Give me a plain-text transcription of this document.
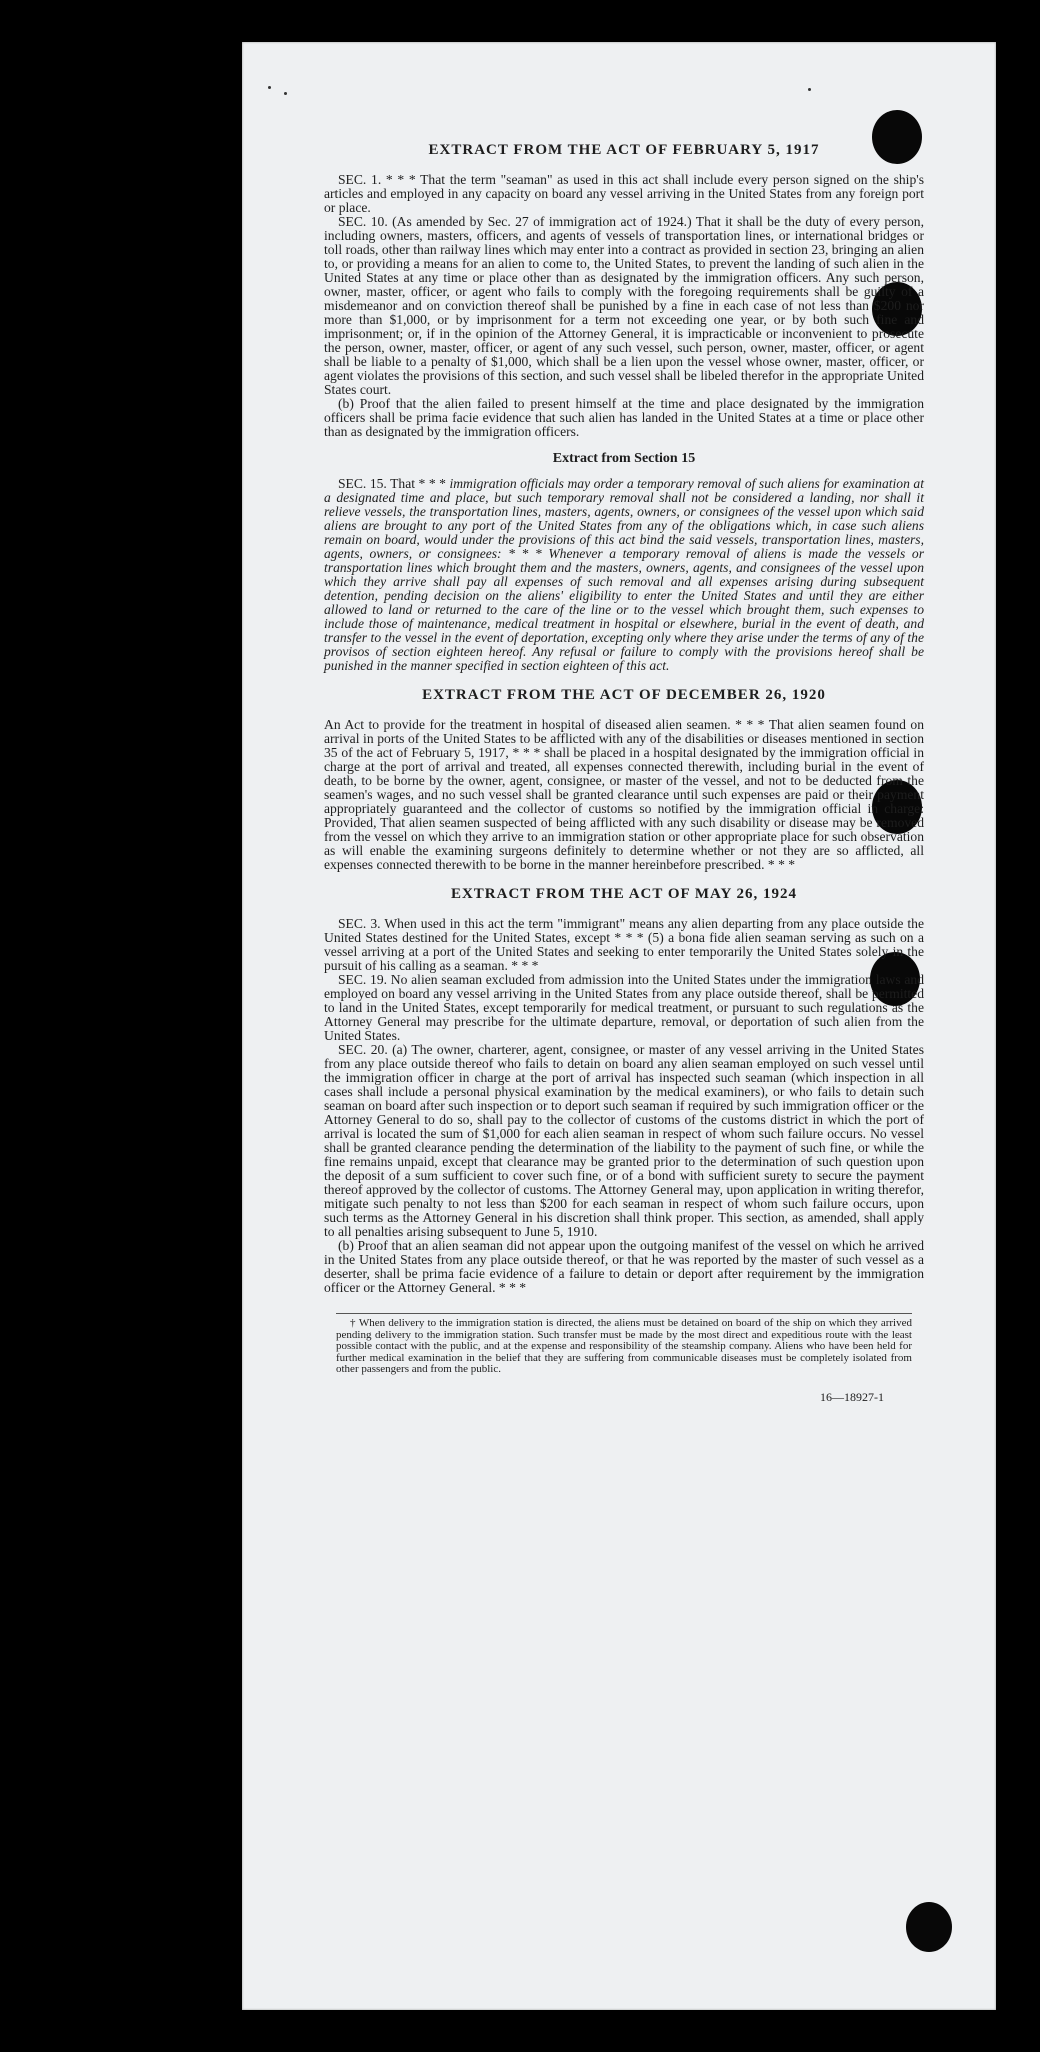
EXTRACT FROM THE ACT OF FEBRUARY 5, 1917

SEC. 1. * * * That the term "seaman" as used in this act shall include every person signed on the ship's articles and employed in any capacity on board any vessel arriving in the United States from any foreign port or place.

SEC. 10. (As amended by Sec. 27 of immigration act of 1924.) That it shall be the duty of every person, including owners, masters, officers, and agents of vessels of transportation lines, or international bridges or toll roads, other than railway lines which may enter into a contract as provided in section 23, bringing an alien to, or providing a means for an alien to come to, the United States, to prevent the landing of such alien in the United States at any time or place other than as designated by the immigration officers. Any such person, owner, master, officer, or agent who fails to comply with the foregoing requirements shall be guilty of a misdemeanor and on conviction thereof shall be punished by a fine in each case of not less than $200 nor more than $1,000, or by imprisonment for a term not exceeding one year, or by both such fine and imprisonment; or, if in the opinion of the Attorney General, it is impracticable or inconvenient to prosecute the person, owner, master, officer, or agent of any such vessel, such person, owner, master, officer, or agent shall be liable to a penalty of $1,000, which shall be a lien upon the vessel whose owner, master, officer, or agent violates the provisions of this section, and such vessel shall be libeled therefor in the appropriate United States court.

(b) Proof that the alien failed to present himself at the time and place designated by the immigration officers shall be prima facie evidence that such alien has landed in the United States at a time or place other than as designated by the immigration officers.

Extract from Section 15

SEC. 15. That * * * immigration officials may order a temporary removal of such aliens for examination at a designated time and place, but such temporary removal shall not be considered a landing, nor shall it relieve vessels, the transportation lines, masters, agents, owners, or consignees of the vessel upon which said aliens are brought to any port of the United States from any of the obligations which, in case such aliens remain on board, would under the provisions of this act bind the said vessels, transportation lines, masters, agents, owners, or consignees: * * * Whenever a temporary removal of aliens is made the vessels or transportation lines which brought them and the masters, owners, agents, and consignees of the vessel upon which they arrive shall pay all expenses of such removal and all expenses arising during subsequent detention, pending decision on the aliens' eligibility to enter the United States and until they are either allowed to land or returned to the care of the line or to the vessel which brought them, such expenses to include those of maintenance, medical treatment in hospital or elsewhere, burial in the event of death, and transfer to the vessel in the event of deportation, excepting only where they arise under the terms of any of the provisos of section eighteen hereof. Any refusal or failure to comply with the provisions hereof shall be punished in the manner specified in section eighteen of this act.

EXTRACT FROM THE ACT OF DECEMBER 26, 1920

An Act to provide for the treatment in hospital of diseased alien seamen. * * * That alien seamen found on arrival in ports of the United States to be afflicted with any of the disabilities or diseases mentioned in section 35 of the act of February 5, 1917, * * * shall be placed in a hospital designated by the immigration official in charge at the port of arrival and treated, all expenses connected therewith, including burial in the event of death, to be borne by the owner, agent, consignee, or master of the vessel, and not to be deducted from the seamen's wages, and no such vessel shall be granted clearance until such expenses are paid or their payment appropriately guaranteed and the collector of customs so notified by the immigration official in charge: Provided, That alien seamen suspected of being afflicted with any such disability or disease may be removed from the vessel on which they arrive to an immigration station or other appropriate place for such observation as will enable the examining surgeons definitely to determine whether or not they are so afflicted, all expenses connected therewith to be borne in the manner hereinbefore prescribed. * * *

EXTRACT FROM THE ACT OF MAY 26, 1924

SEC. 3. When used in this act the term "immigrant" means any alien departing from any place outside the United States destined for the United States, except * * * (5) a bona fide alien seaman serving as such on a vessel arriving at a port of the United States and seeking to enter temporarily the United States solely in the pursuit of his calling as a seaman. * * *

SEC. 19. No alien seaman excluded from admission into the United States under the immigration laws and employed on board any vessel arriving in the United States from any place outside thereof, shall be permitted to land in the United States, except temporarily for medical treatment, or pursuant to such regulations as the Attorney General may prescribe for the ultimate departure, removal, or deportation of such alien from the United States.

SEC. 20. (a) The owner, charterer, agent, consignee, or master of any vessel arriving in the United States from any place outside thereof who fails to detain on board any alien seaman employed on such vessel until the immigration officer in charge at the port of arrival has inspected such seaman (which inspection in all cases shall include a personal physical examination by the medical examiners), or who fails to detain such seaman on board after such inspection or to deport such seaman if required by such immigration officer or the Attorney General to do so, shall pay to the collector of customs of the customs district in which the port of arrival is located the sum of $1,000 for each alien seaman in respect of whom such failure occurs. No vessel shall be granted clearance pending the determination of the liability to the payment of such fine, or while the fine remains unpaid, except that clearance may be granted prior to the determination of such question upon the deposit of a sum sufficient to cover such fine, or of a bond with sufficient surety to secure the payment thereof approved by the collector of customs. The Attorney General may, upon application in writing therefor, mitigate such penalty to not less than $200 for each seaman in respect of whom such failure occurs, upon such terms as the Attorney General in his discretion shall think proper. This section, as amended, shall apply to all penalties arising subsequent to June 5, 1910.

(b) Proof that an alien seaman did not appear upon the outgoing manifest of the vessel on which he arrived in the United States from any place outside thereof, or that he was reported by the master of such vessel as a deserter, shall be prima facie evidence of a failure to detain or deport after requirement by the immigration officer or the Attorney General. * * *

† When delivery to the immigration station is directed, the aliens must be detained on board of the ship on which they arrived pending delivery to the immigration station. Such transfer must be made by the most direct and expeditious route with the least possible contact with the public, and at the expense and responsibility of the steamship company. Aliens who have been held for further medical examination in the belief that they are suffering from communicable diseases must be completely isolated from other passengers and from the public.

16—18927-1
